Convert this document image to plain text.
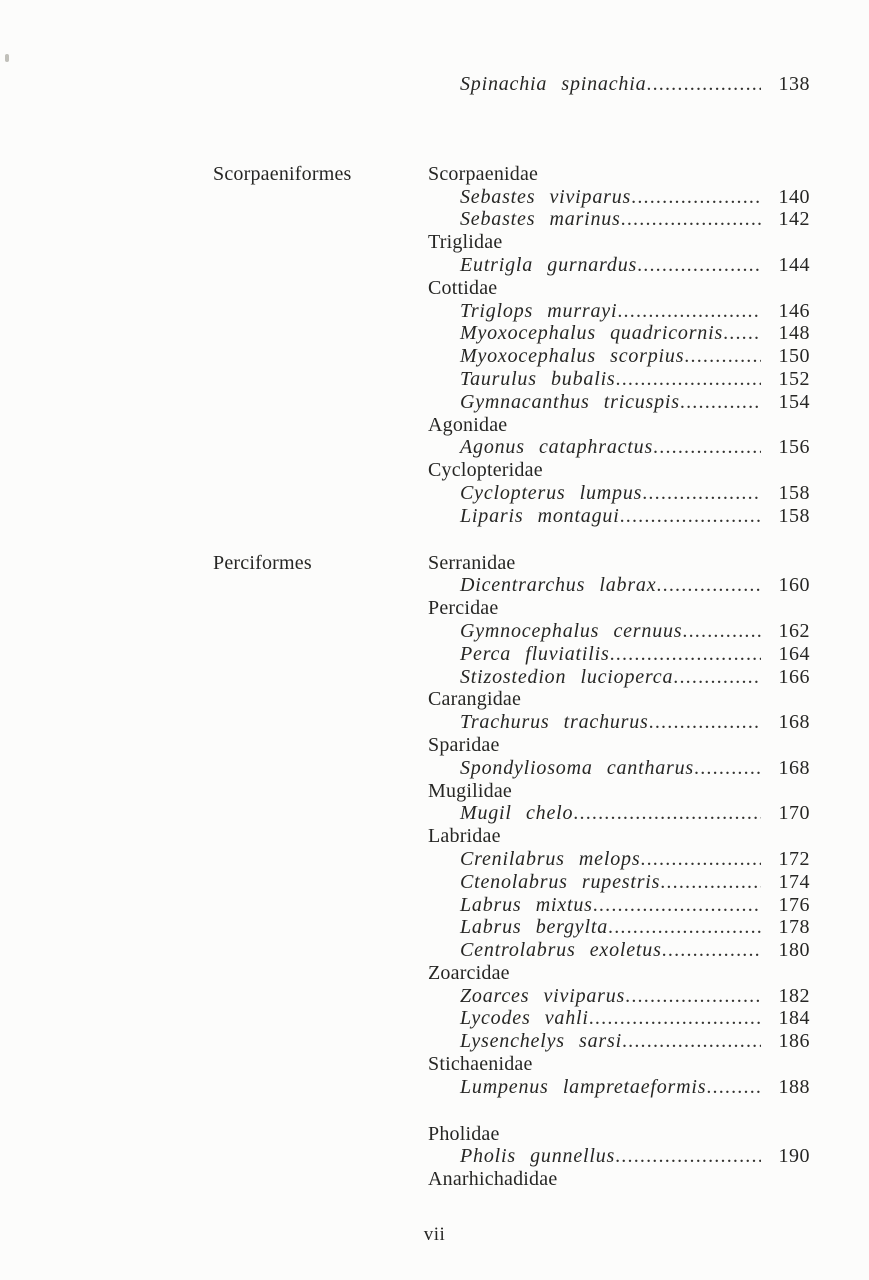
Spinachia spinachia .....	138
Scorpaeniformes	Scorpaenidae
Sebastes viviparus .....	140
Sebastes marinus .....	142
Triglidae
Eutrigla gurnardus .....	144
Cottidae
Triglops murrayi .....	146
Myoxocephalus quadricornis .....	148
Myoxocephalus scorpius .....	150
Taurulus bubalis .....	152
Gymnacanthus tricuspis .....	154
Agonidae
Agonus cataphractus .....	156
Cyclopteridae
Cyclopterus lumpus .....	158
Liparis montagui .....	158
Perciformes	Serranidae
Dicentrarchus labrax .....	160
Percidae
Gymnocephalus cernuus .....	162
Perca fluviatilis .....	164
Stizostedion lucioperca .....	166
Carangidae
Trachurus trachurus .....	168
Sparidae
Spondyliosoma cantharus .....	168
Mugilidae
Mugil chelo .....	170
Labridae
Crenilabrus melops .....	172
Ctenolabrus rupestris .....	174
Labrus mixtus .....	176
Labrus bergylta .....	178
Centrolabrus exoletus .....	180
Zoarcidae
Zoarces viviparus .....	182
Lycodes vahli .....	184
Lysenchelys sarsi .....	186
Stichaenidae
Lumpenus lampretaeformis .....	188
Pholidae
Pholis gunnellus .....	190
Anarhichadidae
vii
